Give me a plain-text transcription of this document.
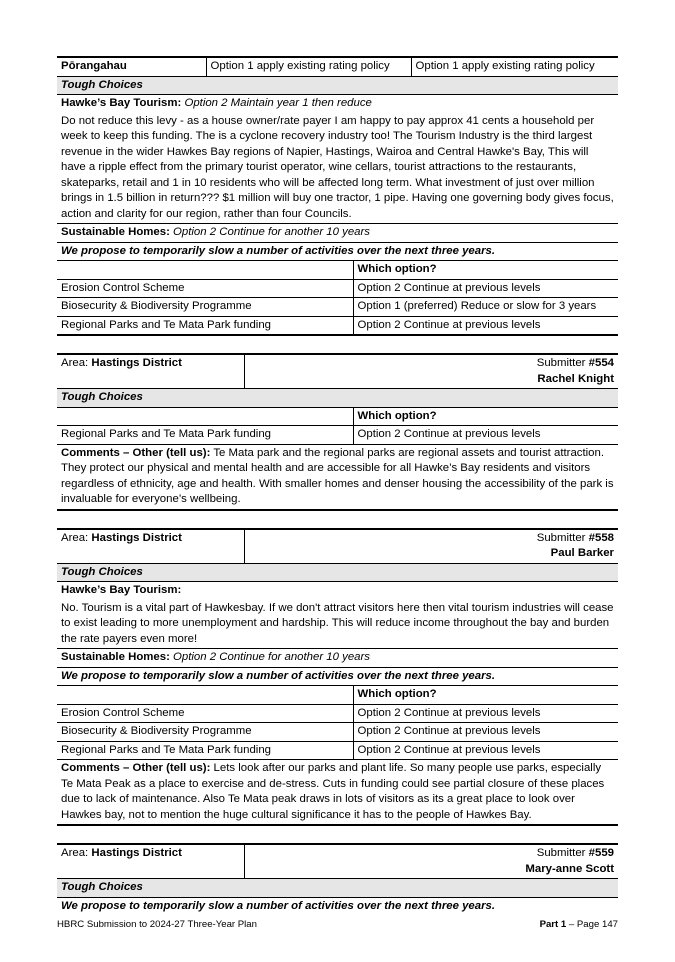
Pōrangahau	Option 1 apply existing rating policy	Option 1 apply existing rating policy
Tough Choices
Hawke’s Bay Tourism: Option 2 Maintain year 1 then reduce
Do not reduce this levy - as a house owner/rate payer I am happy to pay approx 41 cents a household per week to keep this funding. The is a cyclone recovery industry too! The Tourism Industry is the third largest revenue in the wider Hawkes Bay regions of Napier, Hastings, Wairoa and Central Hawke's Bay, This will have a ripple effect from the primary tourist operator, wine cellars, tourist attractions to the restaurants, skateparks, retail and 1 in 10 residents who will be affected long term. What investment of just over million brings in 1.5 billion in return??? $1 million will buy one tractor, 1 pipe. Having one governing body gives focus, action and clarity for our region, rather than four Councils.
Sustainable Homes: Option 2 Continue for another 10 years
We propose to temporarily slow a number of activities over the next three years.
	Which option?
Erosion Control Scheme	Option 2 Continue at previous levels
Biosecurity & Biodiversity Programme	Option 1 (preferred) Reduce or slow for 3 years
Regional Parks and Te Mata Park funding	Option 2 Continue at previous levels
Area: Hastings District	Submitter #554
Rachel Knight
Tough Choices
	Which option?
Regional Parks and Te Mata Park funding	Option 2 Continue at previous levels
Comments – Other (tell us): Te Mata park and the regional parks are regional assets and tourist attraction. They protect our physical and mental health and are accessible for all Hawke’s Bay residents and visitors regardless of ethnicity, age and health. With smaller homes and denser housing the accessibility of the park is invaluable for everyone’s wellbeing.
Area: Hastings District	Submitter #558
Paul Barker
Tough Choices
Hawke’s Bay Tourism:
No. Tourism is a vital part of Hawkesbay. If we don't attract visitors here then vital tourism industries will cease to exist leading to more unemployment and hardship. This will reduce income throughout the bay and burden the rate payers even more!
Sustainable Homes: Option 2 Continue for another 10 years
We propose to temporarily slow a number of activities over the next three years.
	Which option?
Erosion Control Scheme	Option 2 Continue at previous levels
Biosecurity & Biodiversity Programme	Option 2 Continue at previous levels
Regional Parks and Te Mata Park funding	Option 2 Continue at previous levels
Comments – Other (tell us): Lets look after our parks and plant life. So many people use parks, especially Te Mata Peak as a place to exercise and de-stress. Cuts in funding could see partial closure of these places due to lack of maintenance. Also Te Mata peak draws in lots of visitors as its a great place to look over Hawkes bay, not to mention the huge cultural significance it has to the people of Hawkes Bay.
Area: Hastings District	Submitter #559
Mary-anne Scott
Tough Choices
We propose to temporarily slow a number of activities over the next three years.
HBRC Submission to 2024-27 Three-Year Plan	Part 1 – Page 147
